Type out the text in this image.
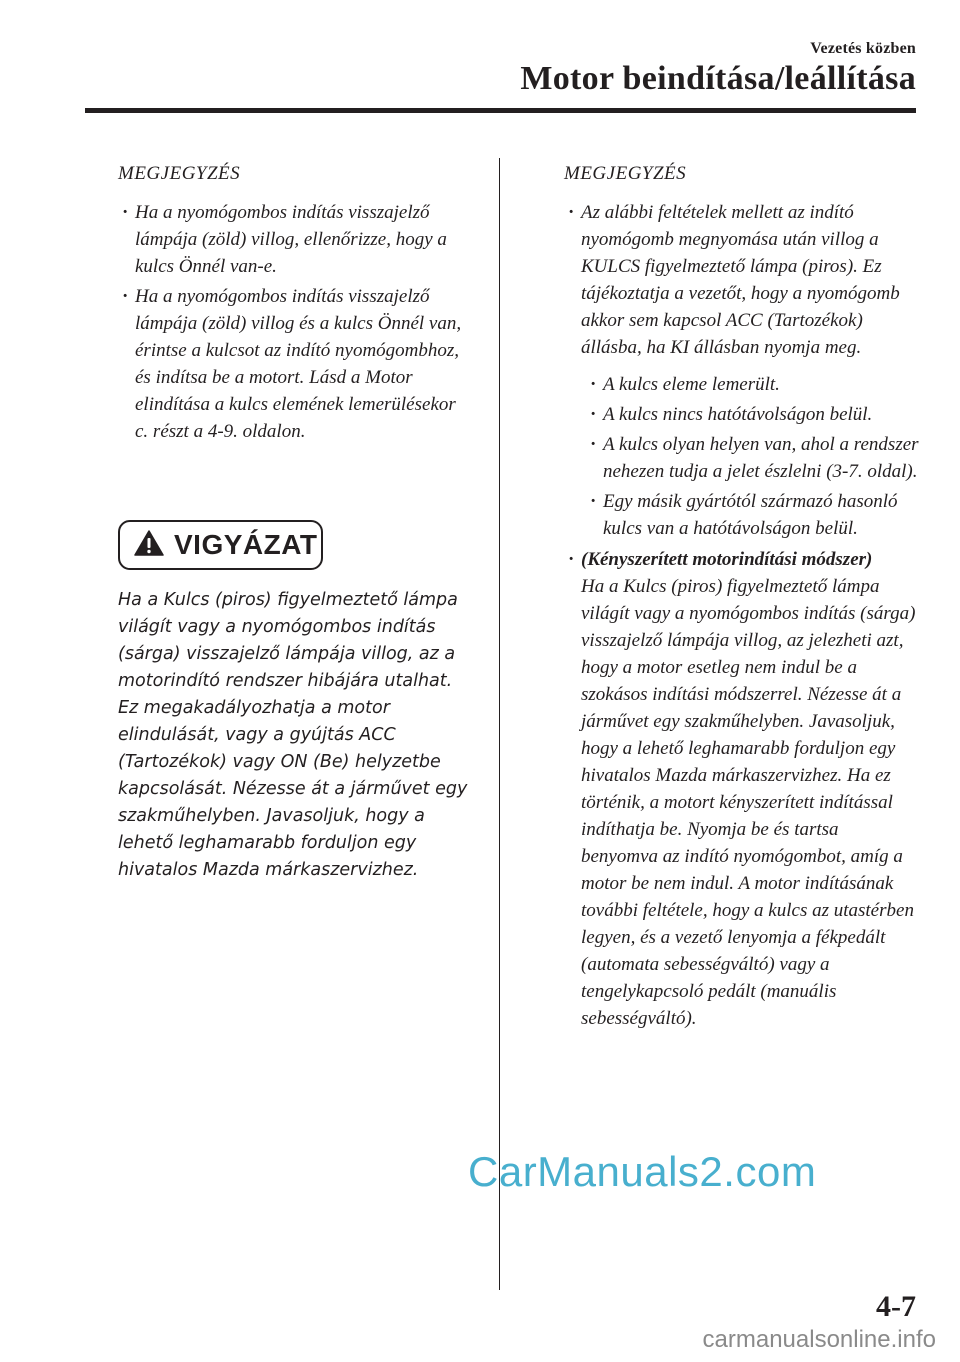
Vezetés közben
Motor beindítása/leállítása
MEGJEGYZÉS
· Ha a nyomógombos indítás visszajelző lámpája (zöld) villog, ellenőrizze, hogy a kulcs Önnél van-e.
· Ha a nyomógombos indítás visszajelző lámpája (zöld) villog és a kulcs Önnél van, érintse a kulcsot az indító nyomógombhoz, és indítsa be a motort. Lásd a Motor elindítása a kulcs elemének lemerülésekor c. részt a 4-9. oldalon.
VIGYÁZAT
Ha a Kulcs (piros) figyelmeztető lámpa világít vagy a nyomógombos indítás (sárga) visszajelző lámpája villog, az a motorindító rendszer hibájára utalhat. Ez megakadályozhatja a motor elindulását, vagy a gyújtás ACC (Tartozékok) vagy ON (Be) helyzetbe kapcsolását. Nézesse át a járművet egy szakműhelyben. Javasoljuk, hogy a lehető leghamarabb forduljon egy hivatalos Mazda márkaszervizhez.
MEGJEGYZÉS
· Az alábbi feltételek mellett az indító nyomógomb megnyomása után villog a KULCS figyelmeztető lámpa (piros). Ez tájékoztatja a vezetőt, hogy a nyomógomb akkor sem kapcsol ACC (Tartozékok) állásba, ha KI állásban nyomja meg.
· A kulcs eleme lemerült.
· A kulcs nincs hatótávolságon belül.
· A kulcs olyan helyen van, ahol a rendszer nehezen tudja a jelet észlelni (3-7. oldal).
· Egy másik gyártótól származó hasonló kulcs van a hatótávolságon belül.
· (Kényszerített motorindítási módszer)
Ha a Kulcs (piros) figyelmeztető lámpa világít vagy a nyomógombos indítás (sárga) visszajelző lámpája villog, az jelezheti azt, hogy a motor esetleg nem indul be a szokásos indítási módszerrel. Nézesse át a járművet egy szakműhelyben. Javasoljuk, hogy a lehető leghamarabb forduljon egy hivatalos Mazda márkaszervizhez. Ha ez történik, a motort kényszerített indítással indíthatja be. Nyomja be és tartsa benyomva az indító nyomógombot, amíg a motor be nem indul. A motor indításának további feltétele, hogy a kulcs az utastérben legyen, és a vezető lenyomja a fékpedált (automata sebességváltó) vagy a tengelykapcsoló pedált (manuális sebességváltó).
CarManuals2.com
4-7
carmanualsonline.info
